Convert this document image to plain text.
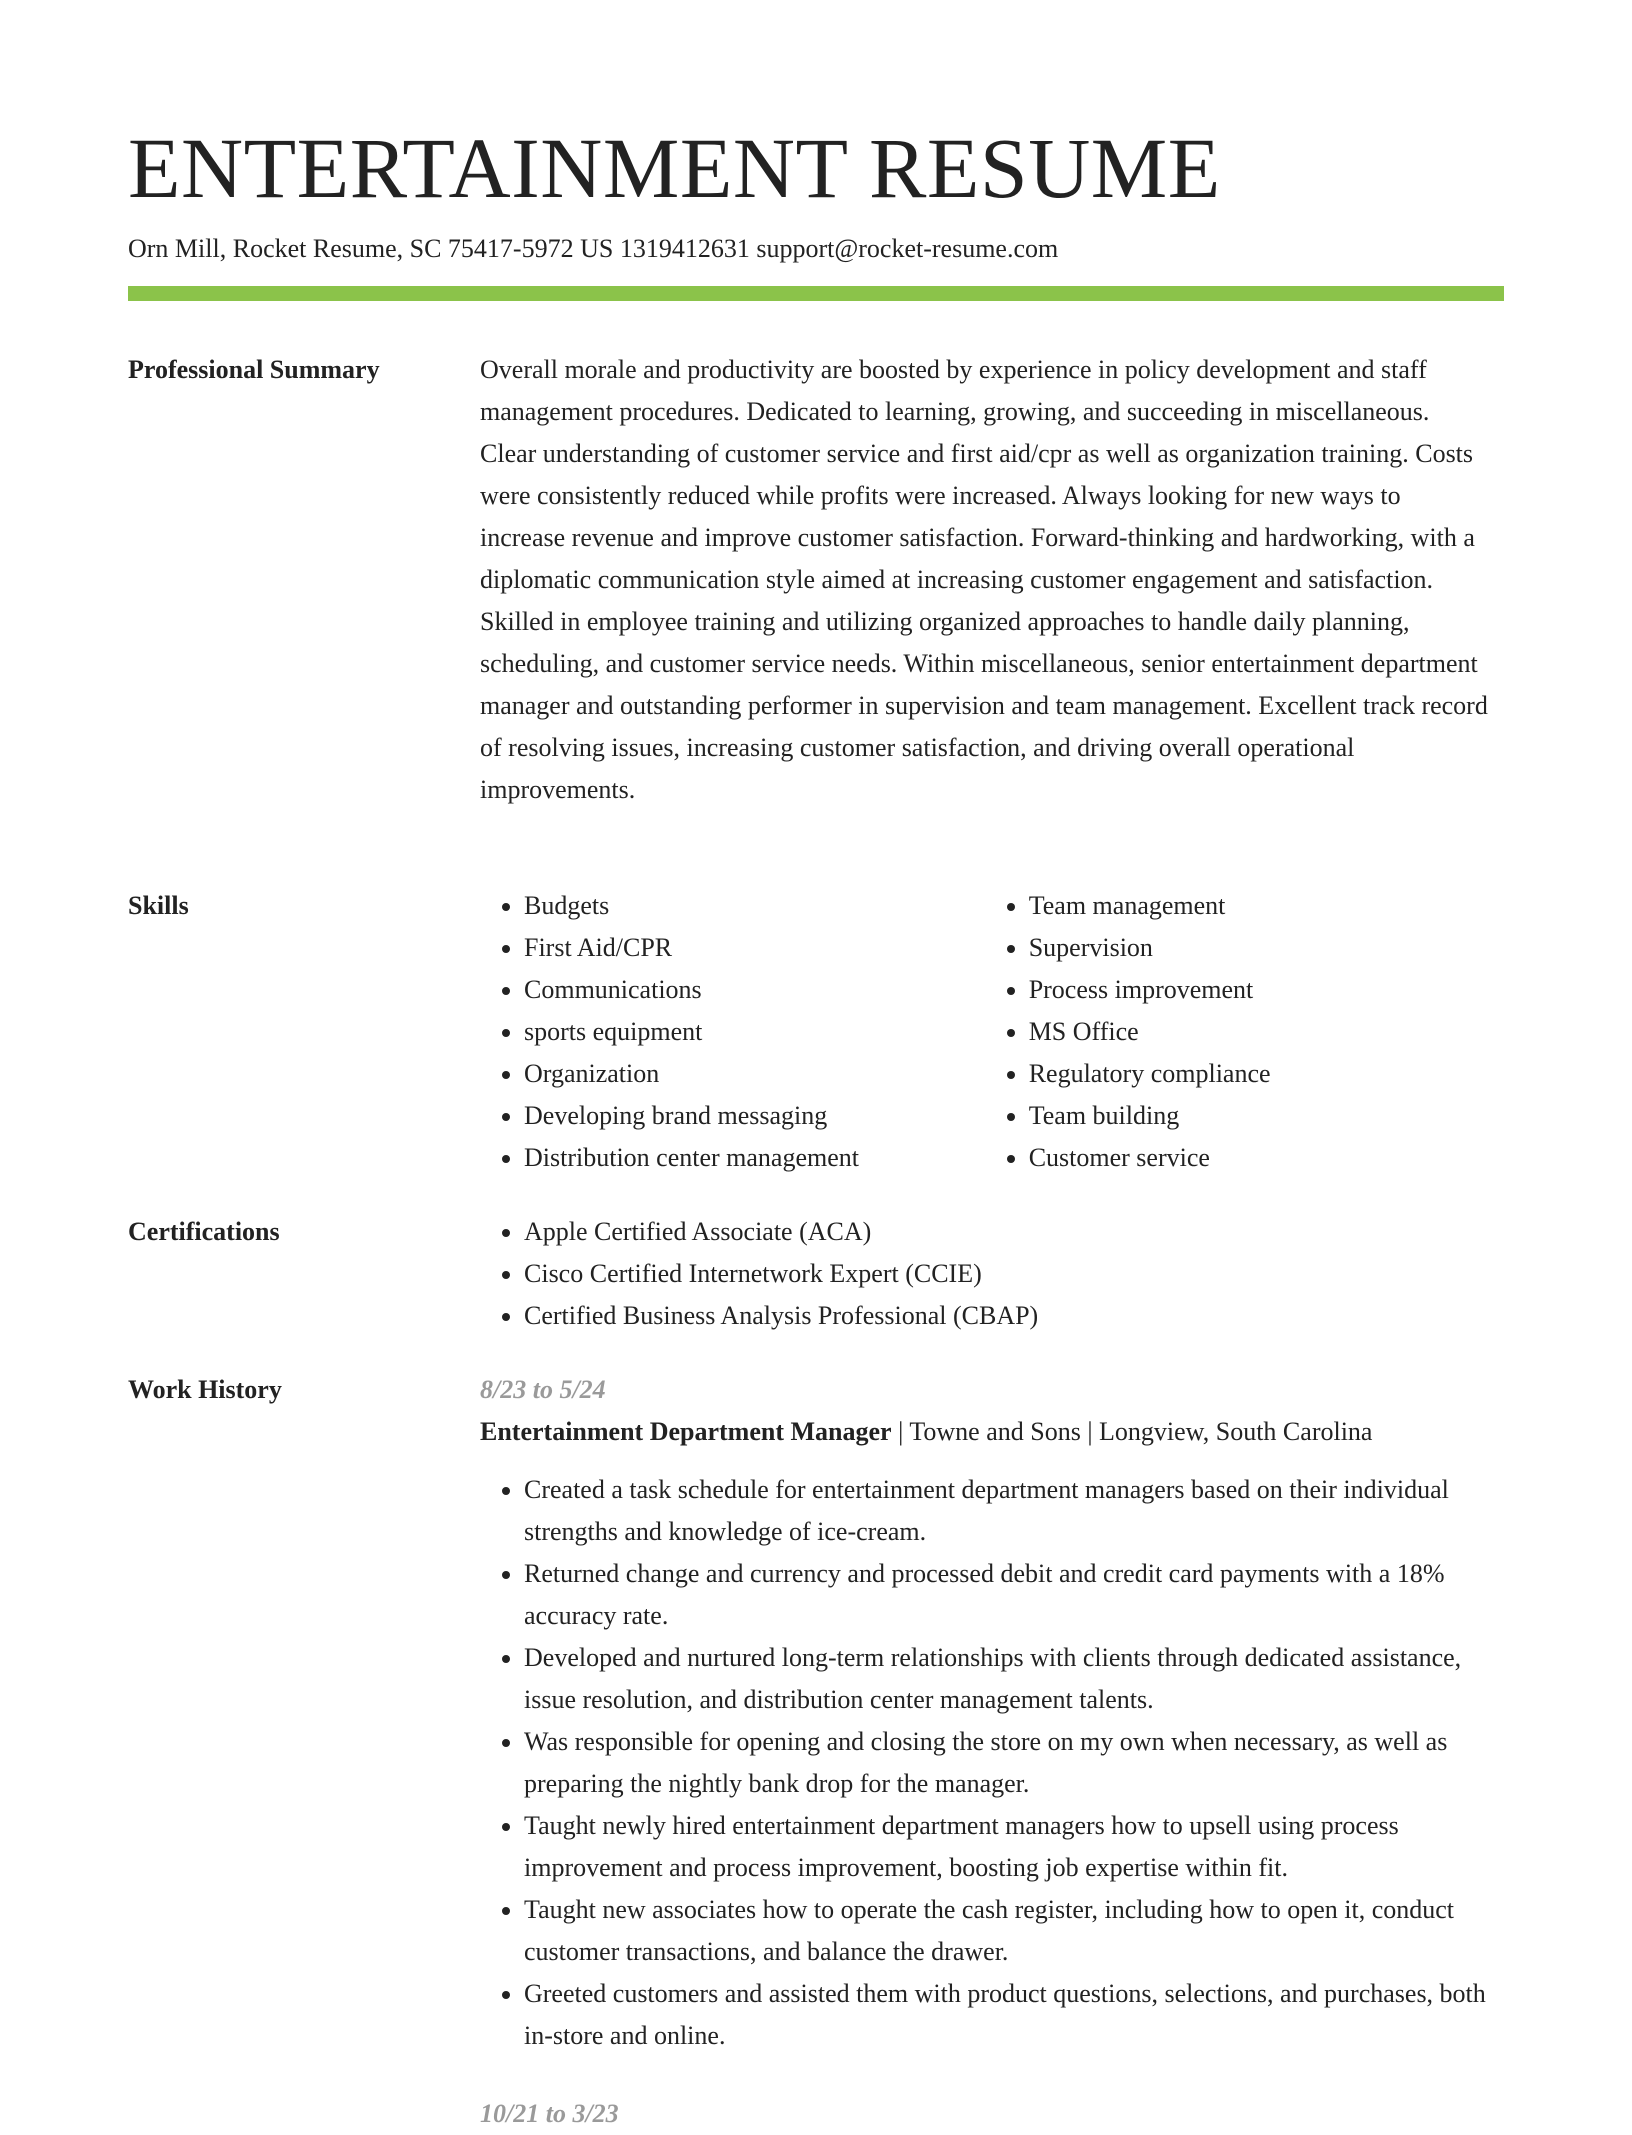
ENTERTAINMENT RESUME
Orn Mill, Rocket Resume, SC 75417-5972 US 1319412631 support@rocket-resume.com
Professional Summary	Overall morale and productivity are boosted by experience in policy development and staff management procedures. Dedicated to learning, growing, and succeeding in miscellaneous. Clear understanding of customer service and first aid/cpr as well as organization training. Costs were consistently reduced while profits were increased. Always looking for new ways to increase revenue and improve customer satisfaction. Forward-thinking and hardworking, with a diplomatic communication style aimed at increasing customer engagement and satisfaction. Skilled in employee training and utilizing organized approaches to handle daily planning, scheduling, and customer service needs. Within miscellaneous, senior entertainment department manager and outstanding performer in supervision and team management. Excellent track record of resolving issues, increasing customer satisfaction, and driving overall operational improvements.

Skills	• Budgets
• First Aid/CPR
• Communications
• sports equipment
• Organization
• Developing brand messaging
• Distribution center management
• Team management
• Supervision
• Process improvement
• MS Office
• Regulatory compliance
• Team building
• Customer service
Certifications	• Apple Certified Associate (ACA)
• Cisco Certified Internetwork Expert (CCIE)
• Certified Business Analysis Professional (CBAP)
Work History	8/23 to 5/24
Entertainment Department Manager | Towne and Sons | Longview, South Carolina
• Created a task schedule for entertainment department managers based on their individual strengths and knowledge of ice-cream.
• Returned change and currency and processed debit and credit card payments with a 18% accuracy rate.
• Developed and nurtured long-term relationships with clients through dedicated assistance, issue resolution, and distribution center management talents.
• Was responsible for opening and closing the store on my own when necessary, as well as preparing the nightly bank drop for the manager.
• Taught newly hired entertainment department managers how to upsell using process improvement and process improvement, boosting job expertise within fit.
• Taught new associates how to operate the cash register, including how to open it, conduct customer transactions, and balance the drawer.
• Greeted customers and assisted them with product questions, selections, and purchases, both in-store and online.
10/21 to 3/23
